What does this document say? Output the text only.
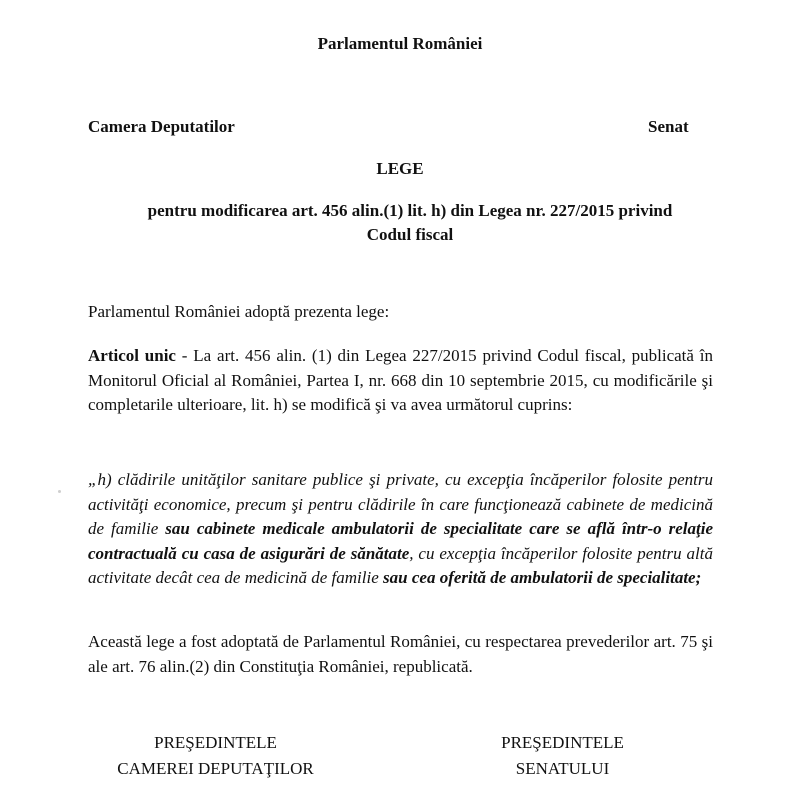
Parlamentul României
Camera Deputatilor	Senat
LEGE
pentru modificarea art. 456 alin.(1) lit. h) din Legea nr. 227/2015 privind
Codul fiscal
Parlamentul României adoptă prezenta lege:
Articol unic - La art. 456 alin. (1) din Legea 227/2015 privind Codul fiscal, publicată în Monitorul Oficial al României, Partea I, nr. 668 din 10 septembrie 2015, cu modificările şi completarile ulterioare, lit. h) se modifică şi va avea următorul cuprins:
„h) clădirile unităţilor sanitare publice şi private, cu excepţia încăperilor folosite pentru activităţi economice, precum şi pentru clădirile în care funcţionează cabinete de medicină de familie sau cabinete medicale ambulatorii de specialitate care se află într-o relaţie contractuală cu casa de asigurări de sănătate, cu excepţia încăperilor folosite pentru altă activitate decât cea de medicină de familie sau cea oferită de ambulatorii de specialitate;
Această lege a fost adoptată de Parlamentul României, cu respectarea prevederilor art. 75 şi ale art. 76 alin.(2) din Constituţia României, republicată.
PREŞEDINTELE
CAMEREI DEPUTAŢILOR
PREŞEDINTELE
SENATULUI
